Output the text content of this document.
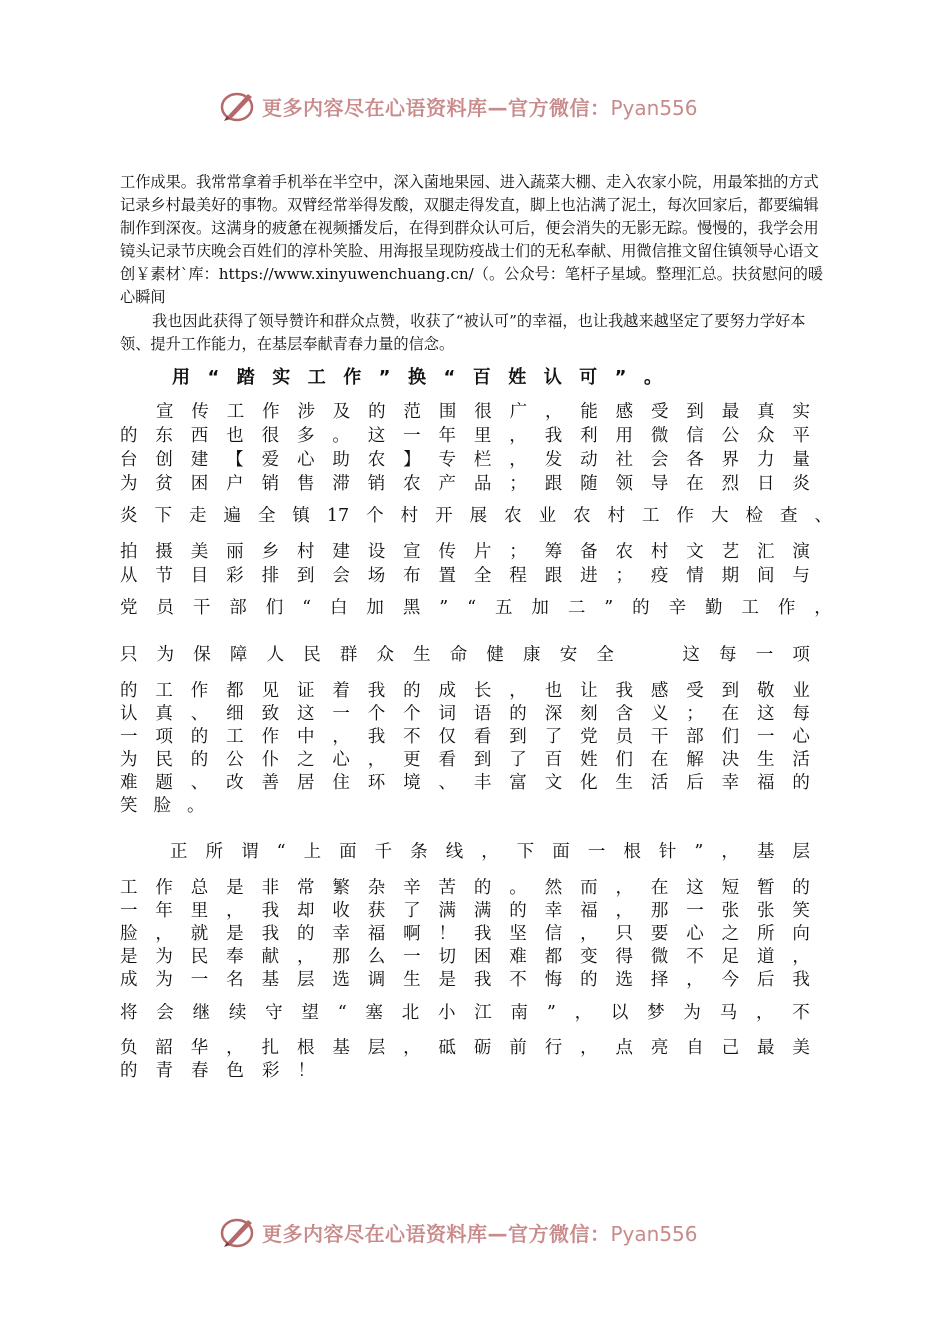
更多内容尽在心语资料库—官方微信：Pyan556

工作成果。我常常拿着手机举在半空中，深入菌地果园、进入蔬菜大棚、走入农家小院，用最笨拙的方式记录乡村最美好的事物。双臂经常举得发酸，双腿走得发直，脚上也沾满了泥土，每次回家后，都要编辑制作到深夜。这满身的疲惫在视频播发后，在得到群众认可后，便会消失的无影无踪。慢慢的，我学会用镜头记录节庆晚会百姓们的淳朴笑脸、用海报呈现防疫战士们的无私奉献、用微信推文留住镇领导心语文创￥素材`库：https://www.xinyuwenchuang.cn/（。公众号：笔杆子星域。整理汇总。扶贫慰问的暖心瞬间

我也因此获得了领导赞许和群众点赞，收获了“被认可”的幸福，也让我越来越坚定了要努力学好本领、提升工作能力，在基层奉献青春力量的信念。

用 “ 踏 实 工 作 ” 换 “ 百 姓 认 可 ” 。
宣 传 工 作 涉 及 的 范 围 很 广 ， 能 感 受 到 最 真 实
的 东 西 也 很 多 。 这 一 年 里 ， 我 利 用 微 信 公 众 平
台 创 建 【 爱 心 助 农 】 专 栏 ， 发 动 社 会 各 界 力 量
为 贫 困 户 销 售 滞 销 农 产 品 ； 跟 随 领 导 在 烈 日 炎
炎 下 走 遍 全 镇 17 个 村 开 展 农 业 农 村 工 作 大 检 查 、
拍 摄 美 丽 乡 村 建 设 宣 传 片 ； 筹 备 农 村 文 艺 汇 演
从 节 目 彩 排 到 会 场 布 置 全 程 跟 进 ； 疫 情 期 间 与
党 员 干 部 们 “ 白 加 黑 ” “ 五 加 二 ” 的 辛 勤 工 作 ，
只 为 保 障 人 民 群 众 生 命 健 康 安 全

	这 每 一 项
的 工 作 都 见 证 着 我 的 成 长 ， 也 让 我 感 受 到 敬 业
认 真 、 细 致 这 一 个 个 词 语 的 深 刻 含 义 ； 在 这 每
一 项 的 工 作 中 ， 我 不 仅 看 到 了 党 员 干 部 们 一 心
为 民 的 公 仆 之 心 ， 更 看 到 了 百 姓 们 在 解 决 生 活
难 题 、 改 善 居 住 环 境 、 丰 富 文 化 生 活 后 幸 福 的
笑 脸 。
正 所 谓 “ 上 面 千 条 线 ， 下 面 一 根 针 ” ， 基 层
工 作 总 是 非 常 繁 杂 辛 苦 的 。 然 而 ， 在 这 短 暂 的
一 年 里 ， 我 却 收 获 了 满 满 的 幸 福 ， 那 一 张 张 笑
脸 ， 就 是 我 的 幸 福 啊 ！ 我 坚 信 ， 只 要 心 之 所 向
是 为 民 奉 献 ， 那 么 一 切 困 难 都 变 得 微 不 足 道 ，
成 为 一 名 基 层 选 调 生 是 我 不 悔 的 选 择 ， 今 后 我
将 会 继 续 守 望 “ 塞 北 小 江 南 ” ， 以 梦 为 马 ， 不
负 韶 华 ， 扎 根 基 层 ， 砥 砺 前 行 ， 点 亮 自 己 最 美
的 青 春 色 彩 ！
更多内容尽在心语资料库—官方微信：Pyan556
